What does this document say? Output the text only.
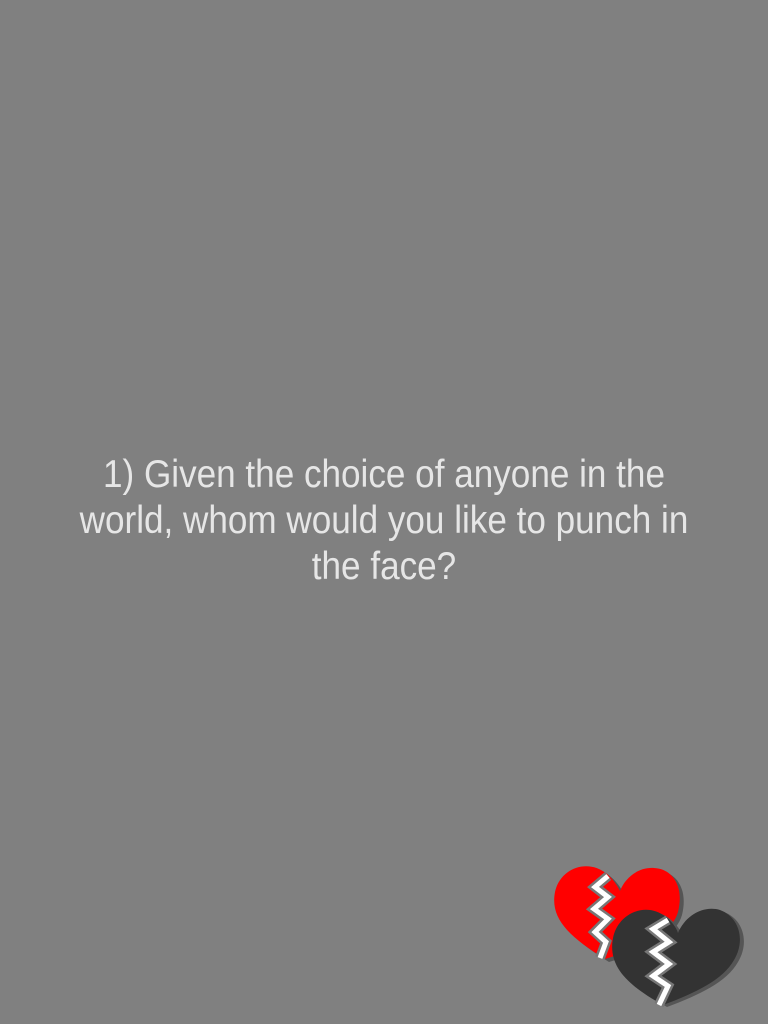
1) Given the choice of anyone in the world, whom would you like to punch in the face?
